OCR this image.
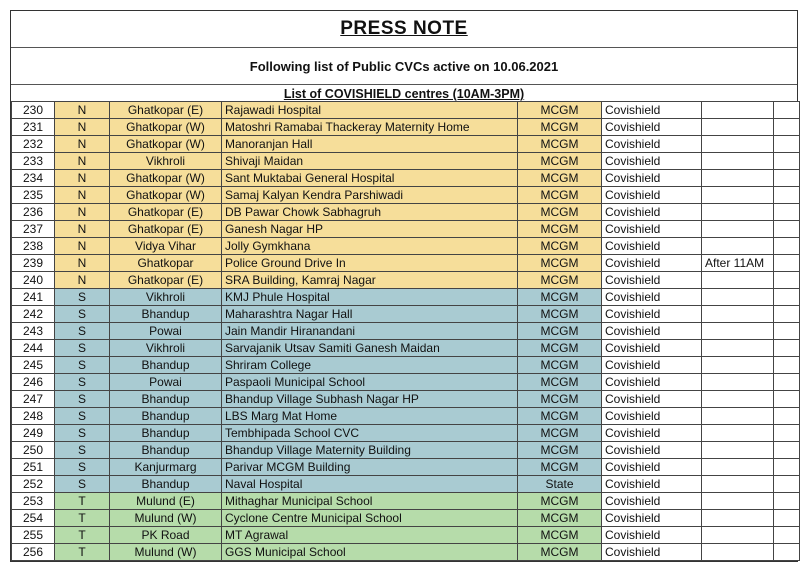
PRESS NOTE
Following list of Public CVCs active on 10.06.2021
List of COVISHIELD centres (10AM-3PM)
230	N	Ghatkopar (E)	Rajawadi Hospital	MCGM	Covishield		
231	N	Ghatkopar (W)	Matoshri Ramabai Thackeray Maternity Home	MCGM	Covishield		
232	N	Ghatkopar (W)	Manoranjan Hall	MCGM	Covishield		
233	N	Vikhroli	Shivaji Maidan	MCGM	Covishield		
234	N	Ghatkopar (W)	Sant Muktabai General Hospital	MCGM	Covishield		
235	N	Ghatkopar (W)	Samaj Kalyan Kendra Parshiwadi	MCGM	Covishield		
236	N	Ghatkopar (E)	DB Pawar Chowk Sabhagruh	MCGM	Covishield		
237	N	Ghatkopar (E)	Ganesh Nagar HP	MCGM	Covishield		
238	N	Vidya Vihar	Jolly Gymkhana	MCGM	Covishield		
239	N	Ghatkopar	Police Ground Drive In	MCGM	Covishield	After 11AM	
240	N	Ghatkopar (E)	SRA Building, Kamraj Nagar	MCGM	Covishield		
241	S	Vikhroli	KMJ Phule Hospital	MCGM	Covishield		
242	S	Bhandup	Maharashtra Nagar Hall	MCGM	Covishield		
243	S	Powai	Jain Mandir Hiranandani	MCGM	Covishield		
244	S	Vikhroli	Sarvajanik Utsav Samiti Ganesh Maidan	MCGM	Covishield		
245	S	Bhandup	Shriram College	MCGM	Covishield		
246	S	Powai	Paspaoli Municipal School	MCGM	Covishield		
247	S	Bhandup	Bhandup Village Subhash Nagar HP	MCGM	Covishield		
248	S	Bhandup	LBS Marg Mat Home	MCGM	Covishield		
249	S	Bhandup	Tembhipada School CVC	MCGM	Covishield		
250	S	Bhandup	Bhandup Village Maternity Building	MCGM	Covishield		
251	S	Kanjurmarg	Parivar MCGM Building	MCGM	Covishield		
252	S	Bhandup	Naval Hospital	State	Covishield		
253	T	Mulund (E)	Mithaghar Municipal School	MCGM	Covishield		
254	T	Mulund (W)	Cyclone Centre Municipal School	MCGM	Covishield		
255	T	PK Road	MT Agrawal	MCGM	Covishield		
256	T	Mulund (W)	GGS Municipal School	MCGM	Covishield		
